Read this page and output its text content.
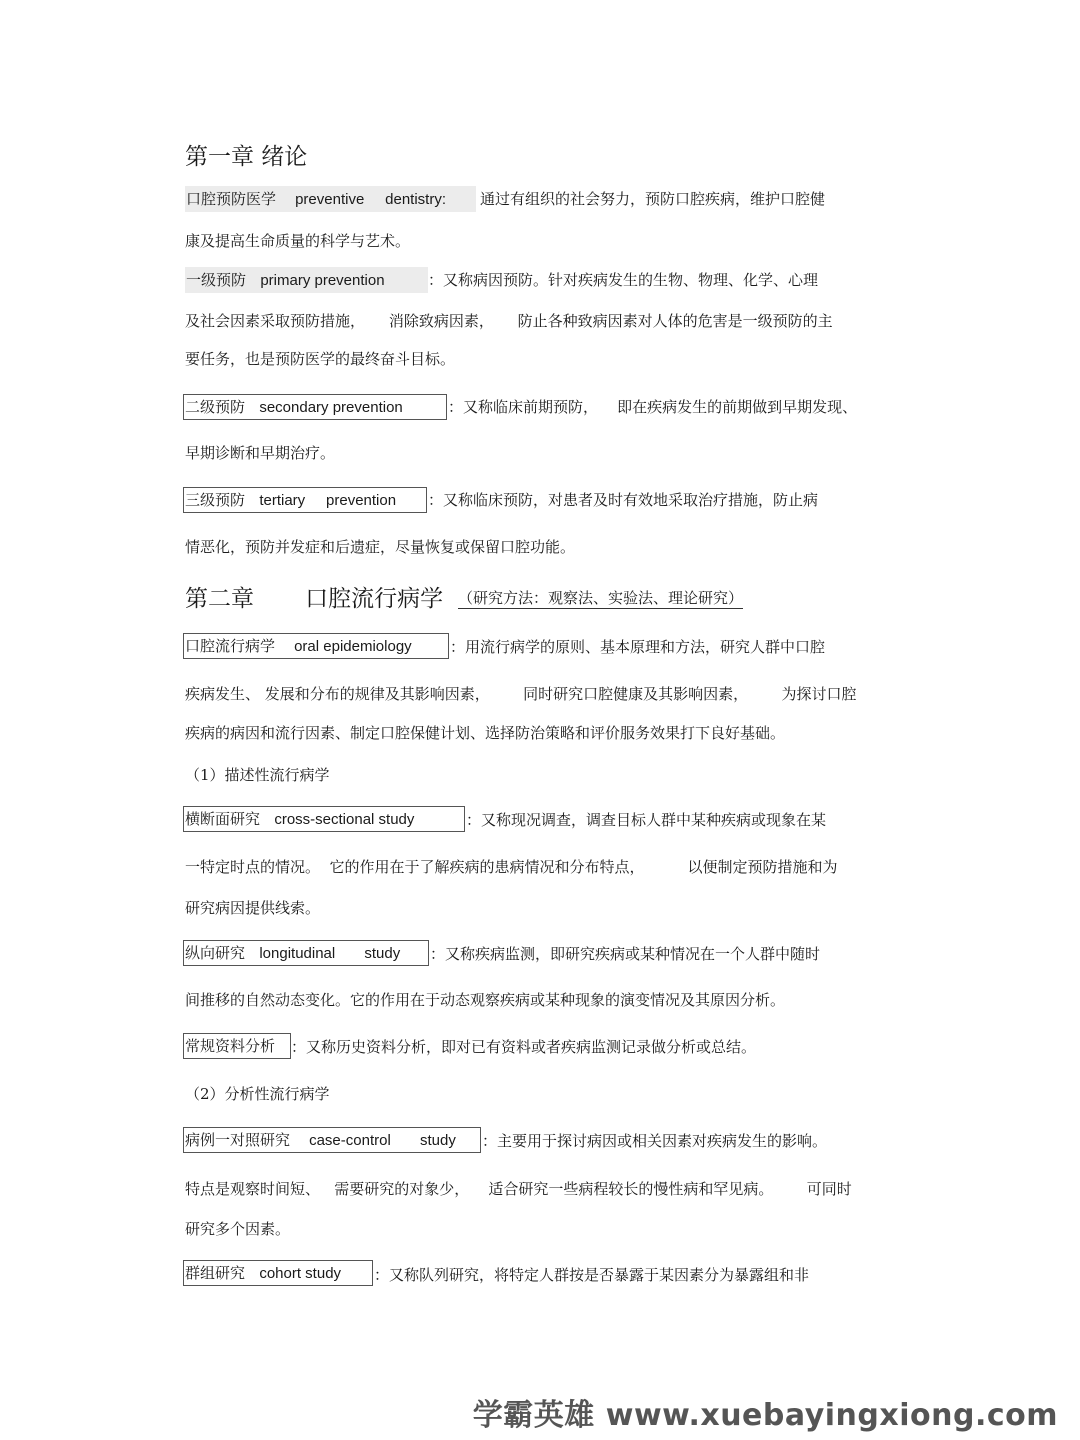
第一章 绪论
口腔预防医学 preventive     dentistry:	通过有组织的社会努力，预防口腔疾病，维护口腔健
康及提高生命质量的科学与艺术。
一级预防 primary prevention	：又称病因预防。针对疾病发生的生物、物理、化学、心理
及社会因素采取预防措施，     消除致病因素，     防止各种致病因素对人体的危害是一级预防的主
要任务，也是预防医学的最终奋斗目标。
二级预防 secondary prevention	：又称临床前期预防，    即在疾病发生的前期做到早期发现、
早期诊断和早期治疗。
三级预防 tertiary     prevention	：又称临床预防，对患者及时有效地采取治疗措施，防止病
情恶化，预防并发症和后遗症，尽量恢复或保留口腔功能。
第二章       口腔流行病学 （研究方法：观察法、实验法、理论研究）
口腔流行病学 oral epidemiology	：用流行病学的原则、基本原理和方法，研究人群中口腔
疾病发生、 发展和分布的规律及其影响因素，       同时研究口腔健康及其影响因素，       为探讨口腔
疾病的病因和流行因素、制定口腔保健计划、选择防治策略和评价服务效果打下良好基础。
（1）描述性流行病学
横断面研究 cross-sectional study	：又称现况调查，调查目标人群中某种疾病或现象在某
一特定时点的情况。  它的作用在于了解疾病的患病情况和分布特点，         以便制定预防措施和为
研究病因提供线索。
纵向研究 longitudinal       study	：又称疾病监测，即研究疾病或某种情况在一个人群中随时
间推移的自然动态变化。它的作用在于动态观察疾病或某种现象的演变情况及其原因分析。
常规资料分析	：又称历史资料分析，即对已有资料或者疾病监测记录做分析或总结。
（2）分析性流行病学
病例一对照研究 case-control       study	：主要用于探讨病因或相关因素对疾病发生的影响。
特点是观察时间短、   需要研究的对象少，    适合研究一些病程较长的慢性病和罕见病。       可同时
研究多个因素。
群组研究 cohort study	：又称队列研究，将特定人群按是否暴露于某因素分为暴露组和非
学霸英雄 www.xuebayingxiong.com
